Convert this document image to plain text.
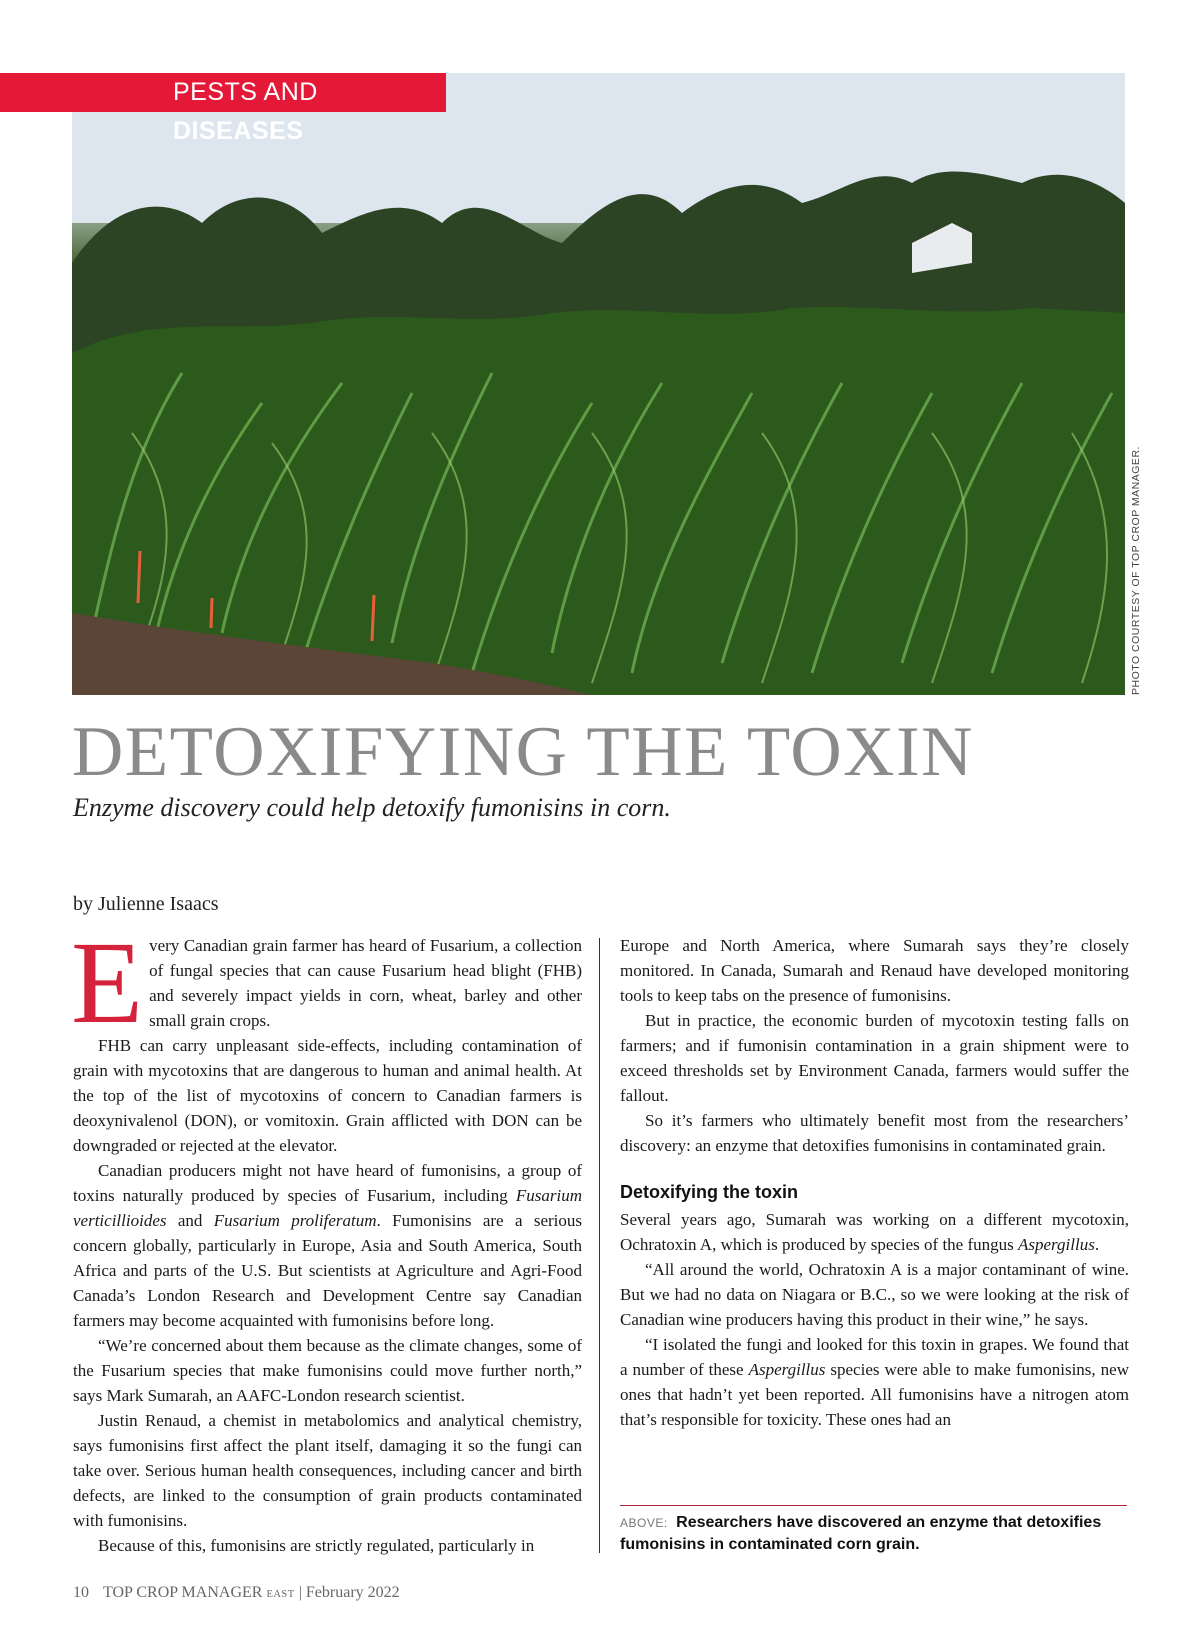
PESTS AND DISEASES
PHOTO COURTESY OF TOP CROP MANAGER.
DETOXIFYING THE TOXIN

Enzyme discovery could help detoxify fumonisins in corn.

by Julienne Isaacs

Every Canadian grain farmer has heard of Fusarium, a collection of fungal species that can cause Fusarium head blight (FHB) and severely impact yields in corn, wheat, barley and other small grain crops.

FHB can carry unpleasant side-effects, including contamination of grain with mycotoxins that are dangerous to human and animal health. At the top of the list of mycotoxins of concern to Canadian farmers is deoxynivalenol (DON), or vomitoxin. Grain afflicted with DON can be downgraded or rejected at the elevator.

Canadian producers might not have heard of fumonisins, a group of toxins naturally produced by species of Fusarium, including Fusarium verticillioides and Fusarium proliferatum. Fumonisins are a serious concern globally, particularly in Europe, Asia and South America, South Africa and parts of the U.S. But scientists at Agriculture and Agri-Food Canada’s London Research and Development Centre say Canadian farmers may become acquainted with fumonisins before long.

“We’re concerned about them because as the climate changes, some of the Fusarium species that make fumonisins could move further north,” says Mark Sumarah, an AAFC-London research scientist.

Justin Renaud, a chemist in metabolomics and analytical chemistry, says fumonisins first affect the plant itself, damaging it so the fungi can take over. Serious human health consequences, including cancer and birth defects, are linked to the consumption of grain products contaminated with fumonisins.

Because of this, fumonisins are strictly regulated, particularly in

Europe and North America, where Sumarah says they’re closely monitored. In Canada, Sumarah and Renaud have developed monitoring tools to keep tabs on the presence of fumonisins.

But in practice, the economic burden of mycotoxin testing falls on farmers; and if fumonisin contamination in a grain shipment were to exceed thresholds set by Environment Canada, farmers would suffer the fallout.

So it’s farmers who ultimately benefit most from the researchers’ discovery: an enzyme that detoxifies fumonisins in contaminated grain.

Detoxifying the toxin

Several years ago, Sumarah was working on a different mycotoxin, Ochratoxin A, which is produced by species of the fungus Aspergillus.

“All around the world, Ochratoxin A is a major contaminant of wine. But we had no data on Niagara or B.C., so we were looking at the risk of Canadian wine producers having this product in their wine,” he says.

“I isolated the fungi and looked for this toxin in grapes. We found that a number of these Aspergillus species were able to make fumonisins, new ones that hadn’t yet been reported. All fumonisins have a nitrogen atom that’s responsible for toxicity. These ones had an

ABOVE: Researchers have discovered an enzyme that detoxifies fumonisins in contaminated corn grain.
10 TOP CROP MANAGER EAST | February 2022
